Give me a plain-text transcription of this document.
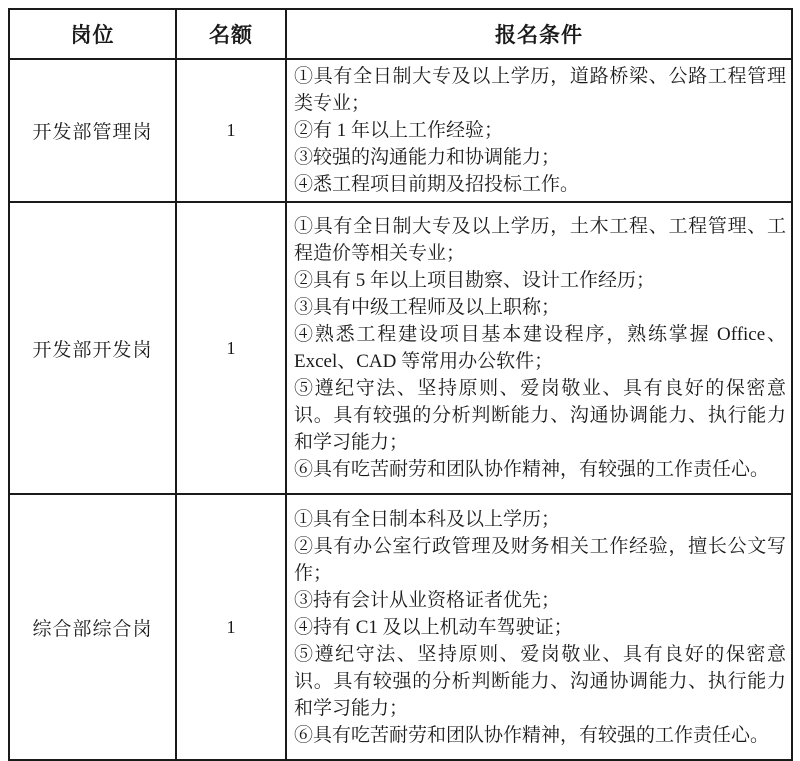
岗位	名额	报名条件
开发部管理岗	1	①具有全日制大专及以上学历，道路桥梁、公路工程管理类专业；

②有 1 年以上工作经验；

③较强的沟通能力和协调能力；

④悉工程项目前期及招投标工作。

开发部开发岗	1	

①具有全日制大专及以上学历，土木工程、工程管理、工程造价等相关专业；

②具有 5 年以上项目勘察、设计工作经历；

③具有中级工程师及以上职称；

④熟悉工程建设项目基本建设程序，熟练掌握 Office、Excel、CAD 等常用办公软件；

⑤遵纪守法、坚持原则、爱岗敬业、具有良好的保密意识。具有较强的分析判断能力、沟通协调能力、执行能力和学习能力；

⑥具有吃苦耐劳和团队协作精神，有较强的工作责任心。

综合部综合岗	1	

①具有全日制本科及以上学历；

②具有办公室行政管理及财务相关工作经验，擅长公文写作；

③持有会计从业资格证者优先；

④持有 C1 及以上机动车驾驶证；

⑤遵纪守法、坚持原则、爱岗敬业、具有良好的保密意识。具有较强的分析判断能力、沟通协调能力、执行能力和学习能力；

⑥具有吃苦耐劳和团队协作精神，有较强的工作责任心。
